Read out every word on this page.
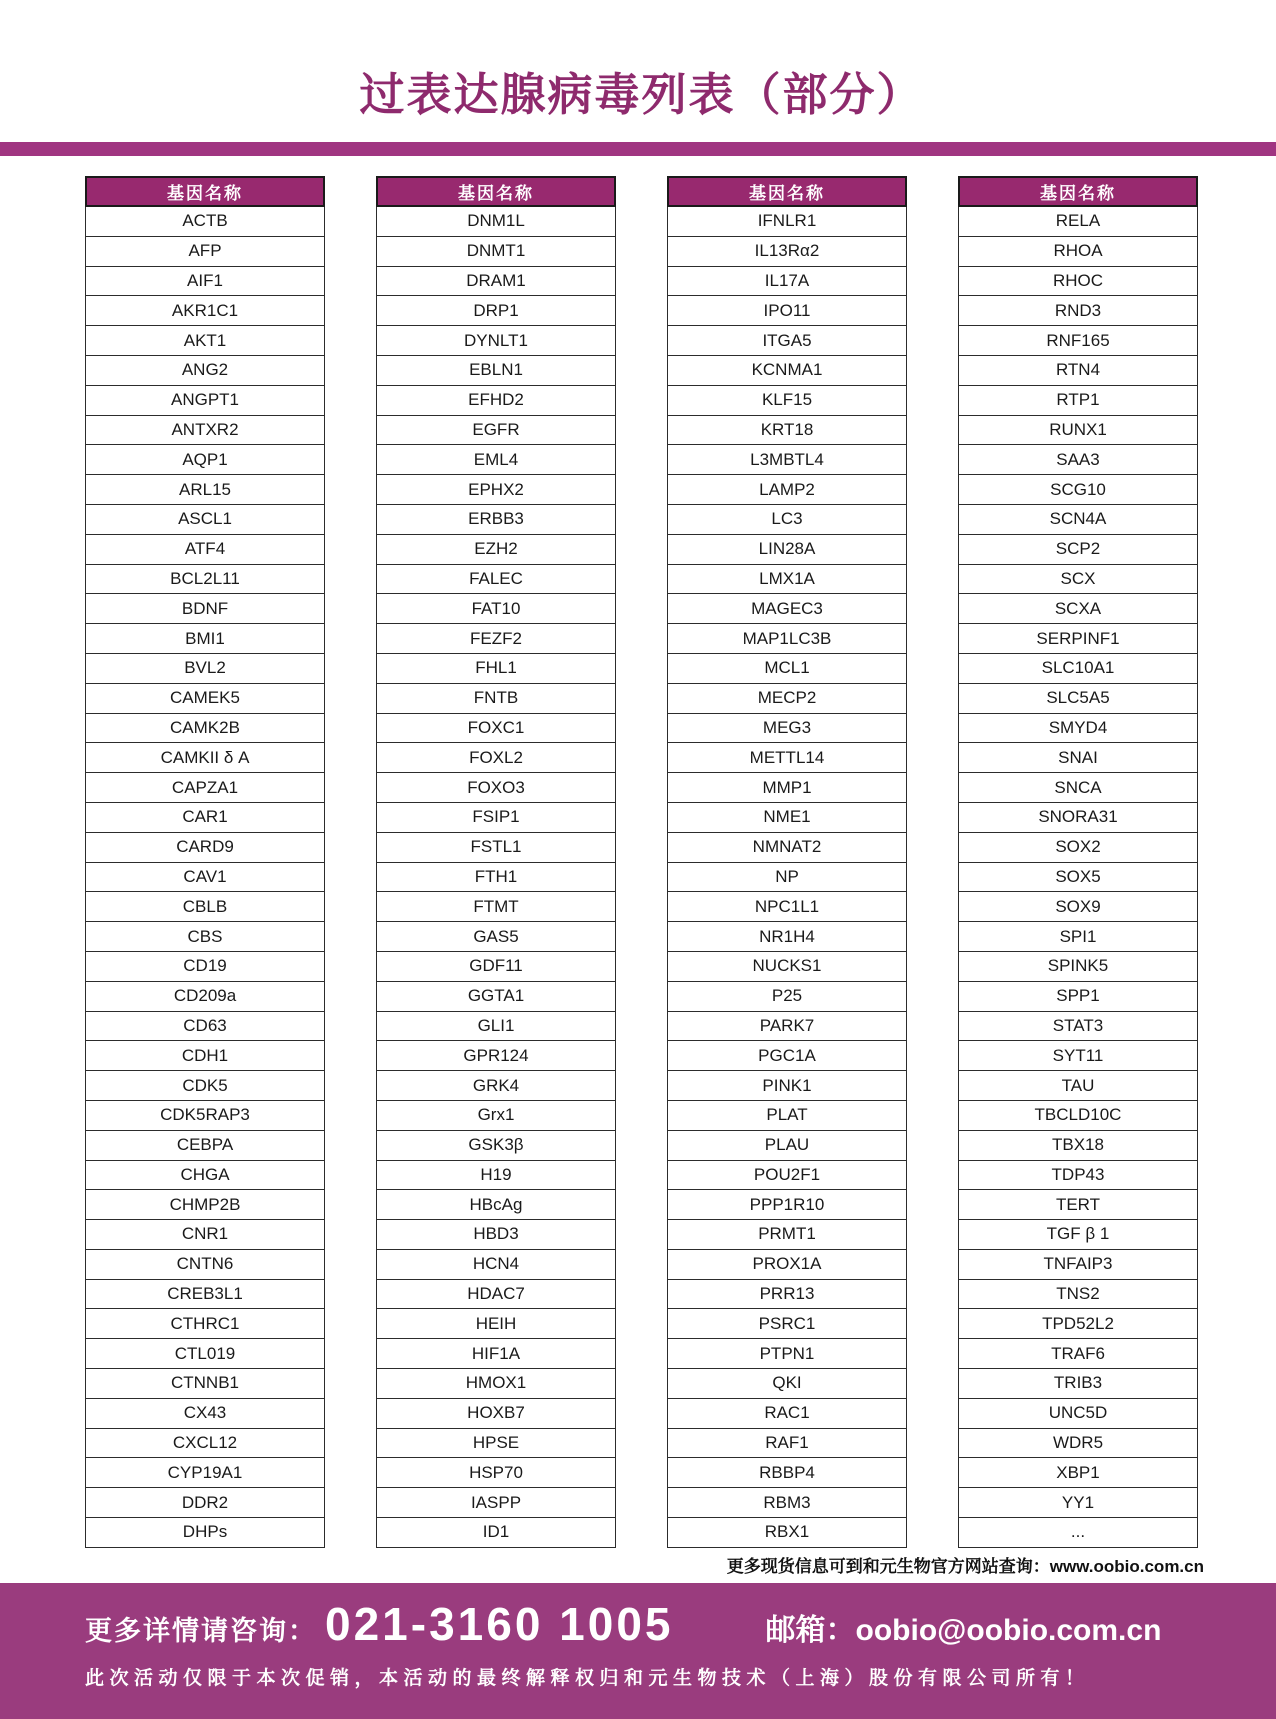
过表达腺病毒列表（部分）
基因名称
ACTB
AFP
AIF1
AKR1C1
AKT1
ANG2
ANGPT1
ANTXR2
AQP1
ARL15
ASCL1
ATF4
BCL2L11
BDNF
BMI1
BVL2
CAMEK5
CAMK2B
CAMKII δ A
CAPZA1
CAR1
CARD9
CAV1
CBLB
CBS
CD19
CD209a
CD63
CDH1
CDK5
CDK5RAP3
CEBPA
CHGA
CHMP2B
CNR1
CNTN6
CREB3L1
CTHRC1
CTL019
CTNNB1
CX43
CXCL12
CYP19A1
DDR2
DHPs
基因名称
DNM1L
DNMT1
DRAM1
DRP1
DYNLT1
EBLN1
EFHD2
EGFR
EML4
EPHX2
ERBB3
EZH2
FALEC
FAT10
FEZF2
FHL1
FNTB
FOXC1
FOXL2
FOXO3
FSIP1
FSTL1
FTH1
FTMT
GAS5
GDF11
GGTA1
GLI1
GPR124
GRK4
Grx1
GSK3β
H19
HBcAg
HBD3
HCN4
HDAC7
HEIH
HIF1A
HMOX1
HOXB7
HPSE
HSP70
IASPP
ID1
基因名称
IFNLR1
IL13Rα2
IL17A
IPO11
ITGA5
KCNMA1
KLF15
KRT18
L3MBTL4
LAMP2
LC3
LIN28A
LMX1A
MAGEC3
MAP1LC3B
MCL1
MECP2
MEG3
METTL14
MMP1
NME1
NMNAT2
NP
NPC1L1
NR1H4
NUCKS1
P25
PARK7
PGC1A
PINK1
PLAT
PLAU
POU2F1
PPP1R10
PRMT1
PROX1A
PRR13
PSRC1
PTPN1
QKI
RAC1
RAF1
RBBP4
RBM3
RBX1
基因名称
RELA
RHOA
RHOC
RND3
RNF165
RTN4
RTP1
RUNX1
SAA3
SCG10
SCN4A
SCP2
SCX
SCXA
SERPINF1
SLC10A1
SLC5A5
SMYD4
SNAI
SNCA
SNORA31
SOX2
SOX5
SOX9
SPI1
SPINK5
SPP1
STAT3
SYT11
TAU
TBCLD10C
TBX18
TDP43
TERT
TGF β 1
TNFAIP3
TNS2
TPD52L2
TRAF6
TRIB3
UNC5D
WDR5
XBP1
YY1
...
更多现货信息可到和元生物官方网站查询：www.oobio.com.cn
更多详情请咨询： 021-3160 1005	邮箱：oobio@oobio.com.cn
此次活动仅限于本次促销，本活动的最终解释权归和元生物技术（上海）股份有限公司所有！
